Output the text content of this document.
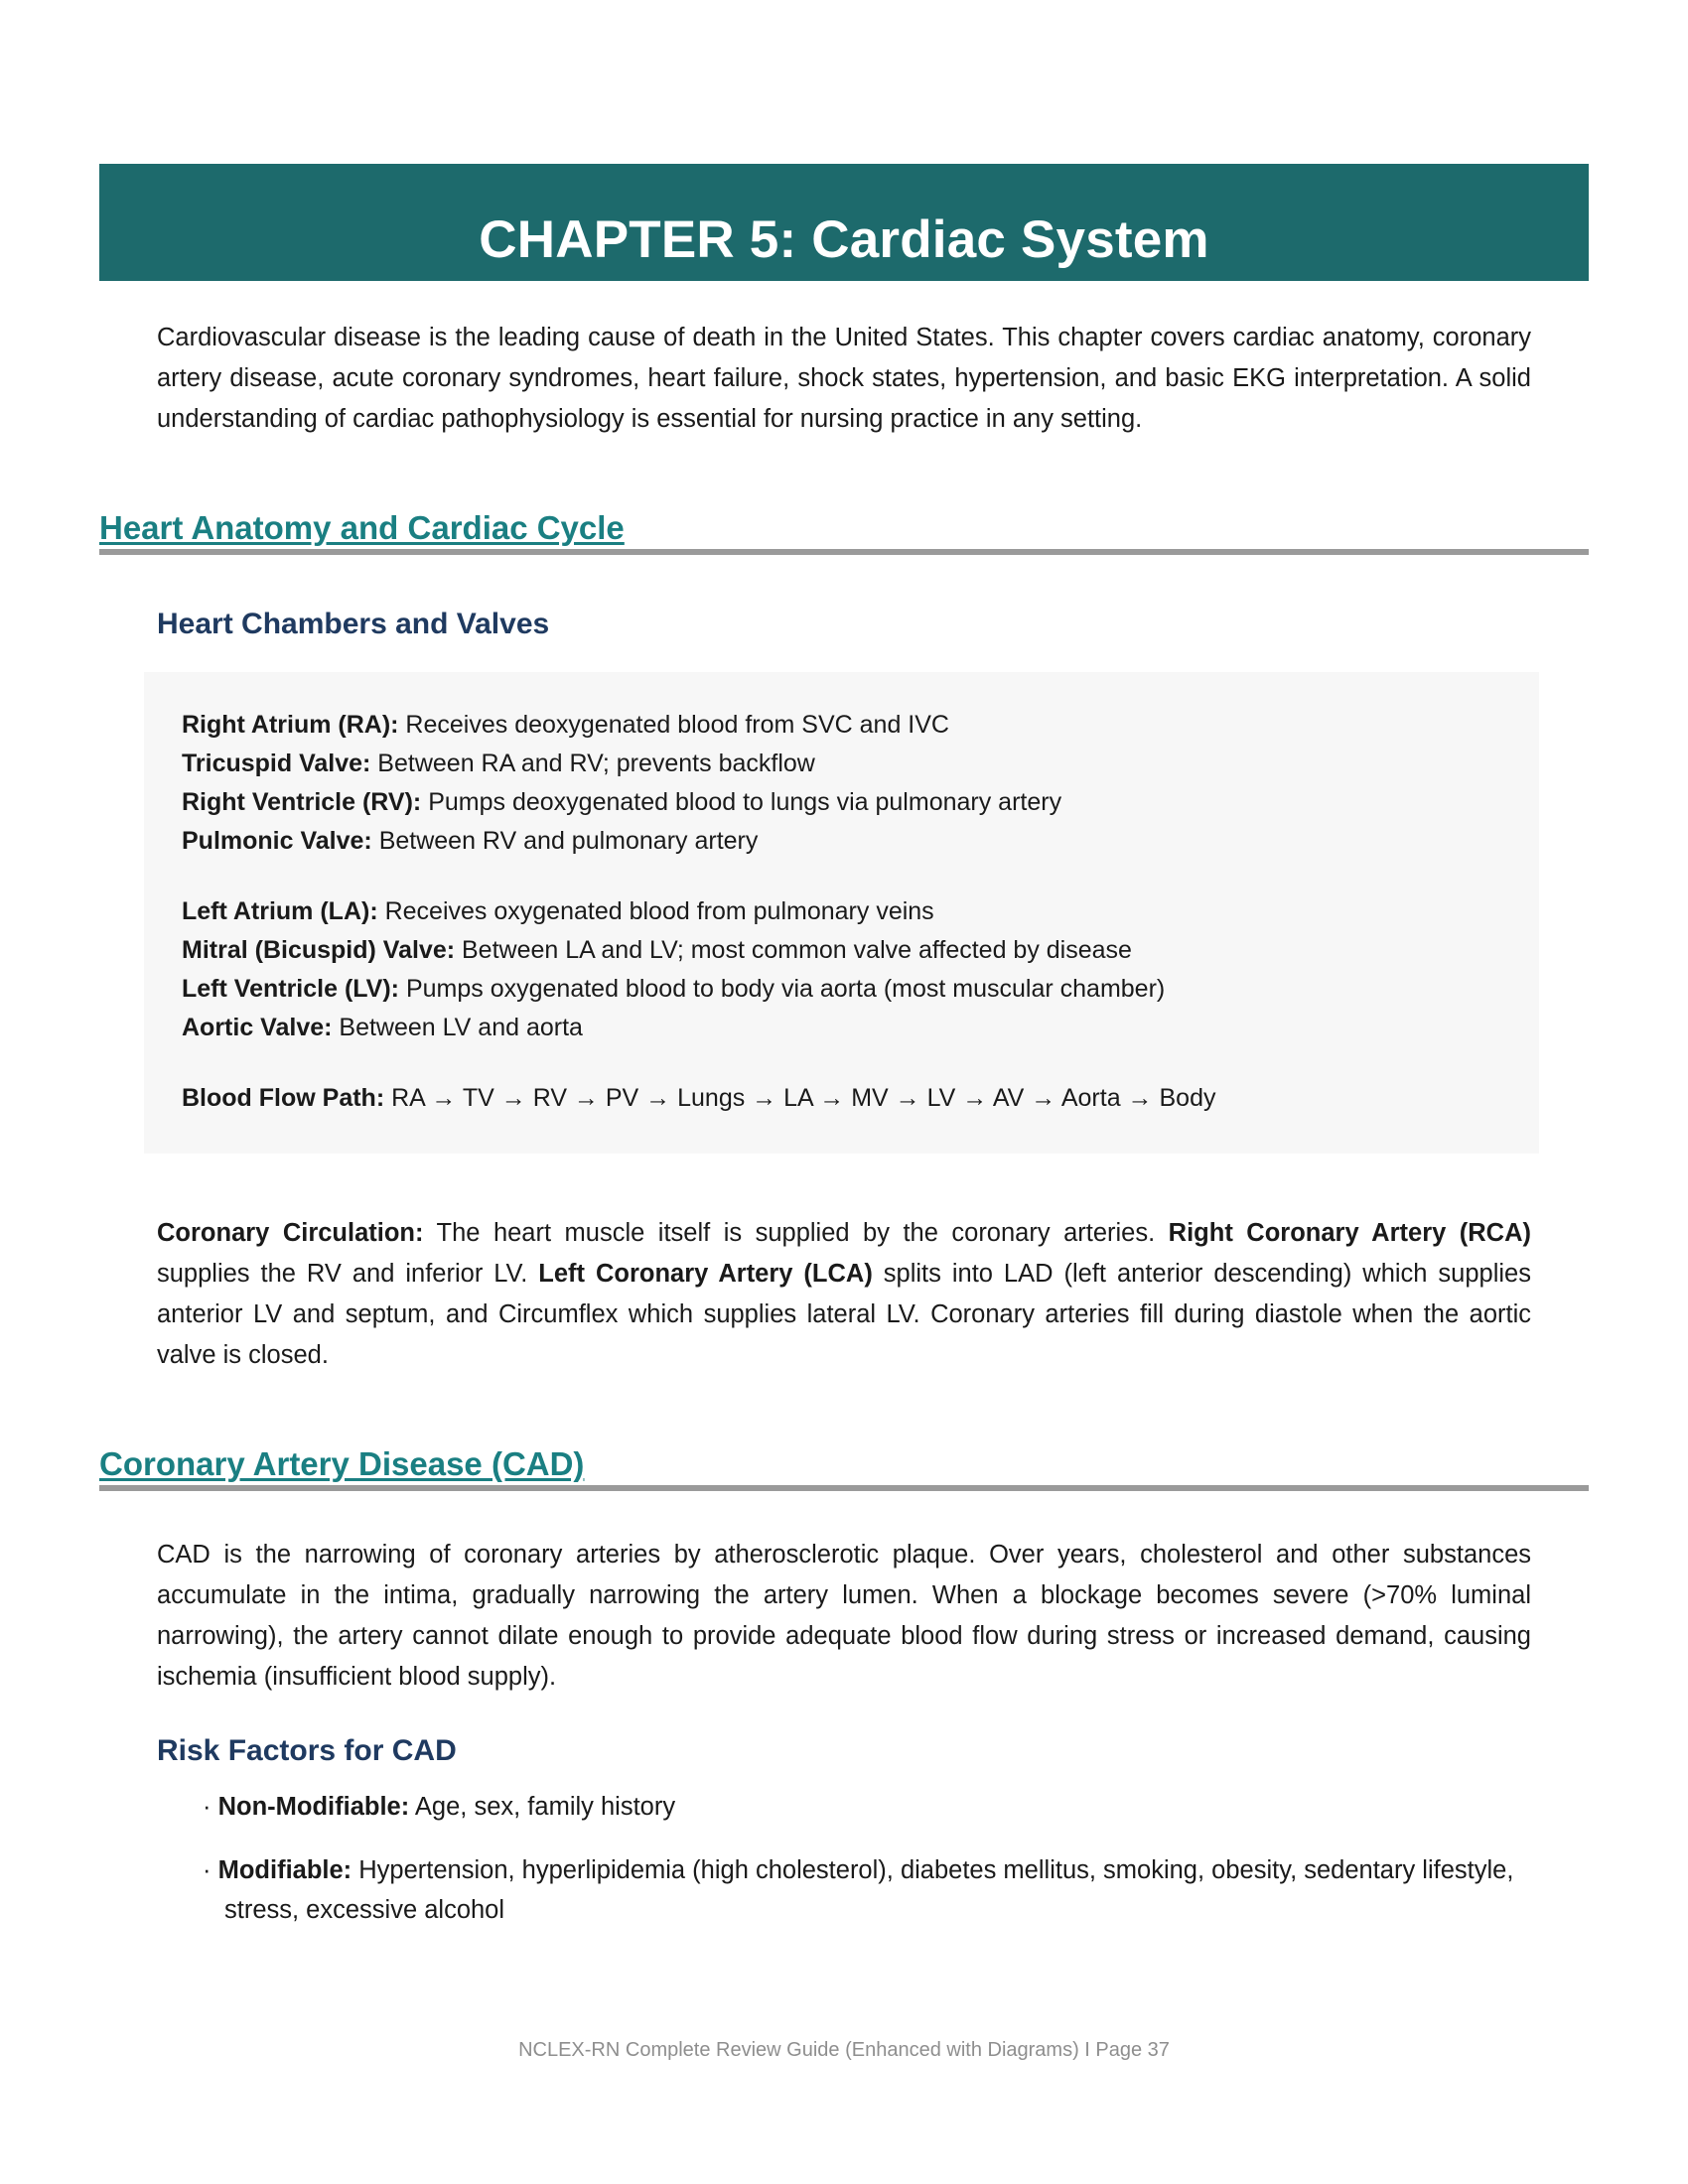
CHAPTER 5: Cardiac System

Cardiovascular disease is the leading cause of death in the United States. This chapter covers cardiac anatomy, coronary artery disease, acute coronary syndromes, heart failure, shock states, hypertension, and basic EKG interpretation. A solid understanding of cardiac pathophysiology is essential for nursing practice in any setting.

Heart Anatomy and Cardiac Cycle
Heart Chambers and Valves
Right Atrium (RA): Receives deoxygenated blood from SVC and IVC
Tricuspid Valve: Between RA and RV; prevents backflow
Right Ventricle (RV): Pumps deoxygenated blood to lungs via pulmonary artery
Pulmonic Valve: Between RV and pulmonary artery
Left Atrium (LA): Receives oxygenated blood from pulmonary veins
Mitral (Bicuspid) Valve: Between LA and LV; most common valve affected by disease
Left Ventricle (LV): Pumps oxygenated blood to body via aorta (most muscular chamber)
Aortic Valve: Between LV and aorta
Blood Flow Path: RA → TV → RV → PV → Lungs → LA → MV → LV → AV → Aorta → Body

Coronary Circulation: The heart muscle itself is supplied by the coronary arteries. Right Coronary Artery (RCA) supplies the RV and inferior LV. Left Coronary Artery (LCA) splits into LAD (left anterior descending) which supplies anterior LV and septum, and Circumflex which supplies lateral LV. Coronary arteries fill during diastole when the aortic valve is closed.

Coronary Artery Disease (CAD)

CAD is the narrowing of coronary arteries by atherosclerotic plaque. Over years, cholesterol and other substances accumulate in the intima, gradually narrowing the artery lumen. When a blockage becomes severe (>70% luminal narrowing), the artery cannot dilate enough to provide adequate blood flow during stress or increased demand, causing ischemia (insufficient blood supply).

Risk Factors for CAD

· Non-Modifiable: Age, sex, family history

· Modifiable: Hypertension, hyperlipidemia (high cholesterol), diabetes mellitus, smoking, obesity, sedentary lifestyle, stress, excessive alcohol

NCLEX-RN Complete Review Guide (Enhanced with Diagrams) I Page 37
